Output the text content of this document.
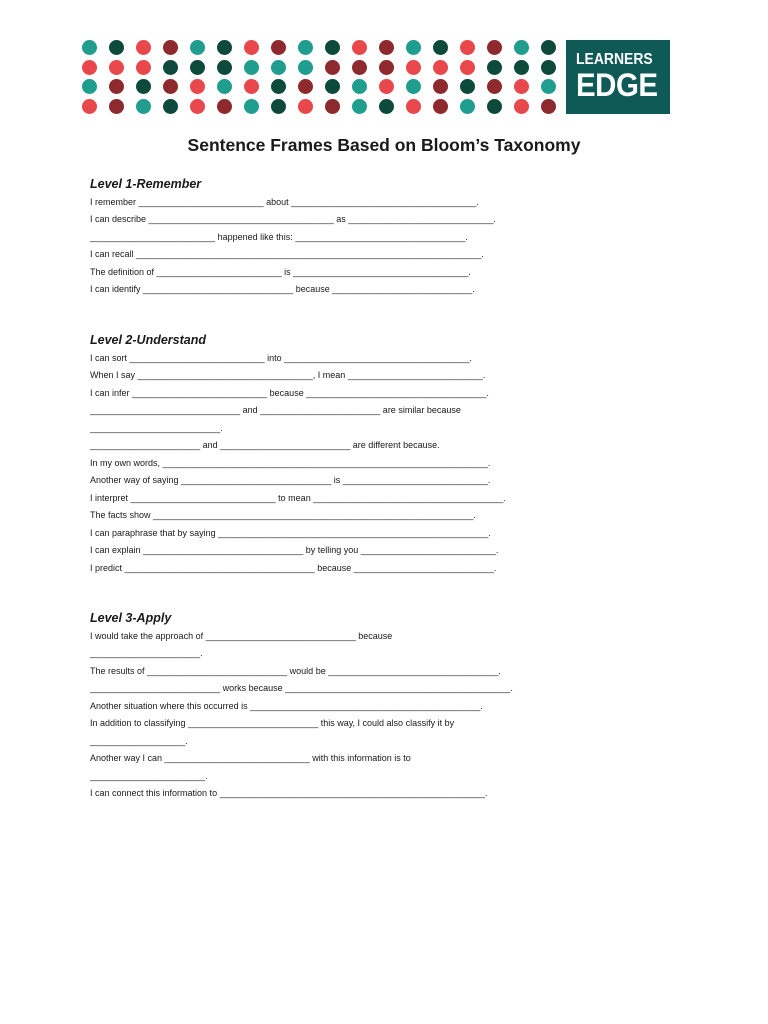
LEARNERS
EDGE
Sentence Frames Based on Bloom’s Taxonomy
Level 1-Remember
I remember _________________________ about _____________________________________.
I can describe _____________________________________ as _____________________________.
_________________________ happened like this: __________________________________.
I can recall _____________________________________________________________________.
The definition of _________________________ is ___________________________________.
I can identify ______________________________ because ____________________________.
Level 2-Understand
I can sort ___________________________ into _____________________________________.
When I say ___________________________________, I mean ___________________________.
I can infer ___________________________ because ____________________________________.
______________________________ and ________________________ are similar because
__________________________.
______________________ and __________________________ are different because.
In my own words, _________________________________________________________________.
Another way of saying ______________________________ is _____________________________.
I interpret _____________________________ to mean ______________________________________.
The facts show ________________________________________________________________.
I can paraphrase that by saying ______________________________________________________.
I can explain ________________________________ by telling you ___________________________.
I predict ______________________________________ because ____________________________.
Level 3-Apply
I would take the approach of ______________________________ because
______________________.
The results of ____________________________ would be __________________________________.
__________________________ works because _____________________________________________.
Another situation where this occurred is ______________________________________________.
In addition to classifying __________________________ this way, I could also classify it by
___________________.
Another way I can _____________________________ with this information is to
_______________________.
I can connect this information to _____________________________________________________.
